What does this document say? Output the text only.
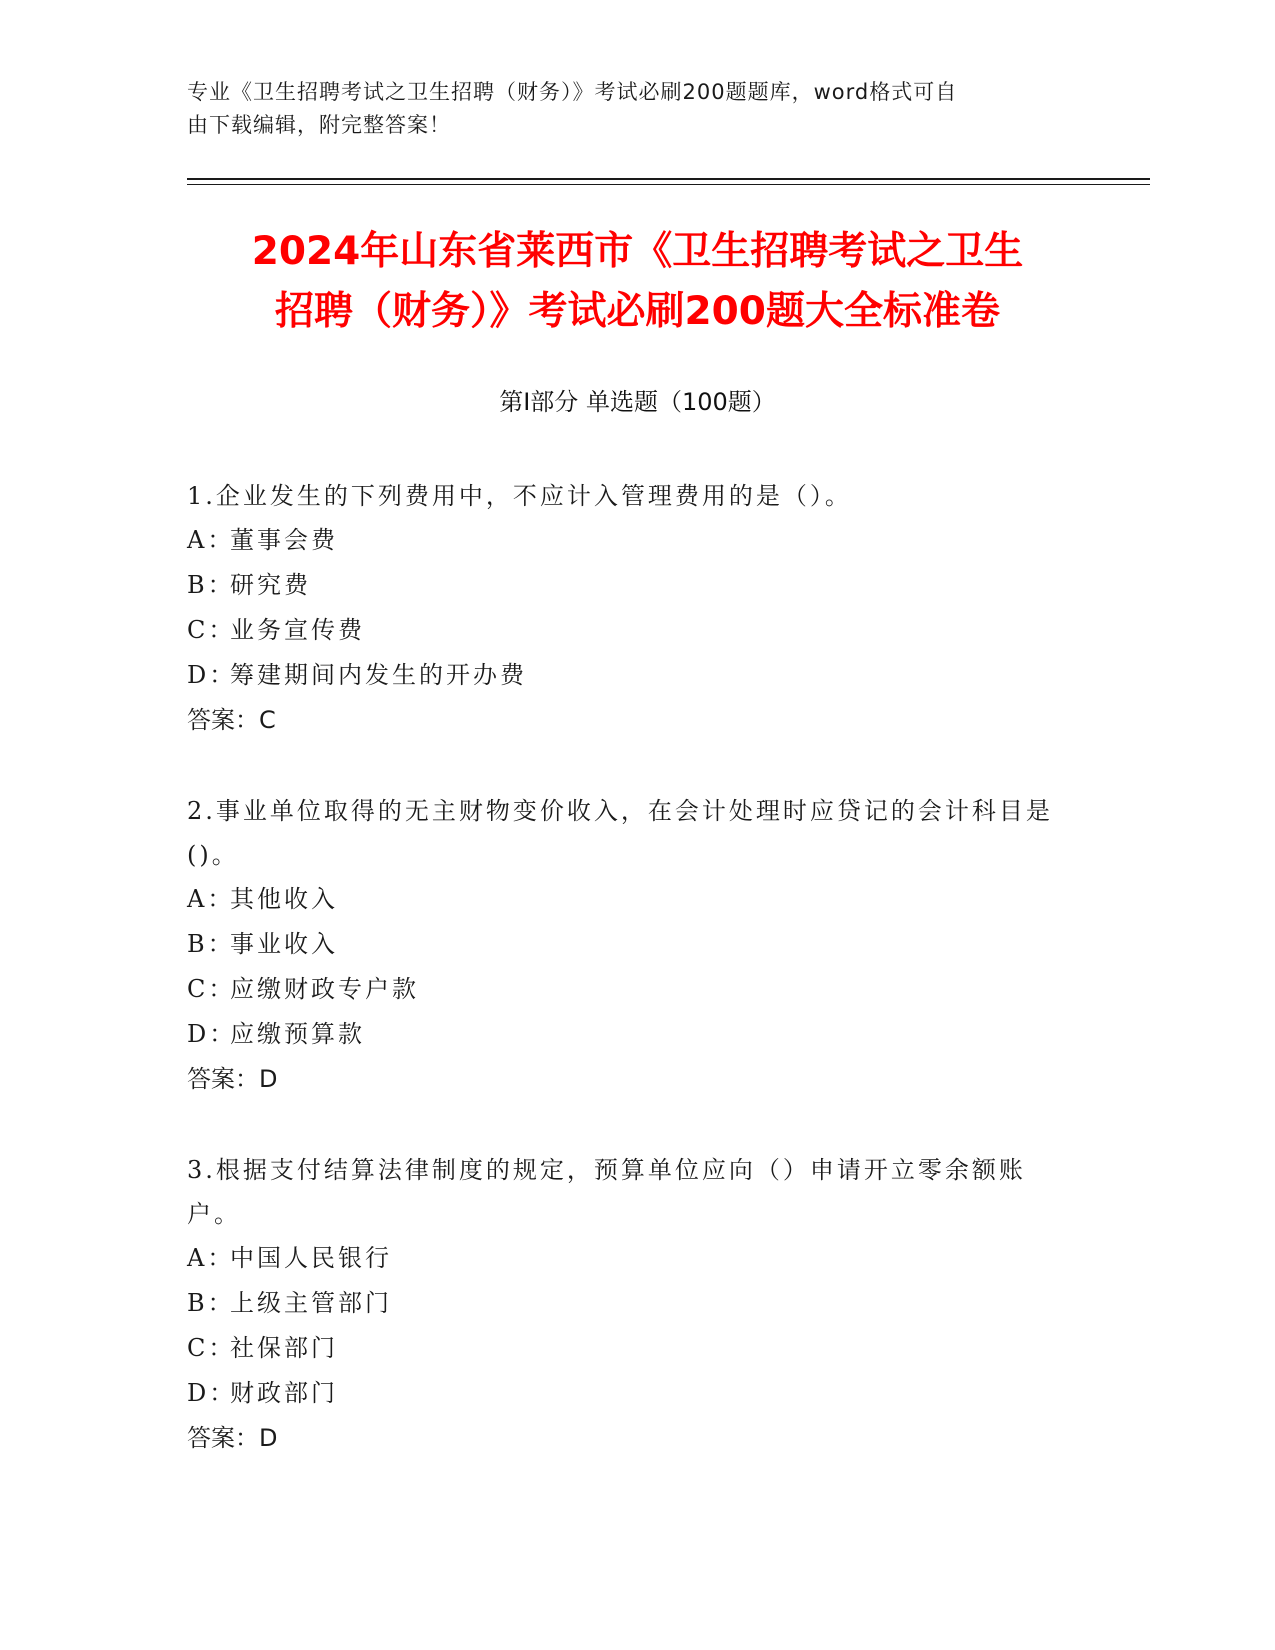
专业《卫生招聘考试之卫生招聘（财务）》考试必刷200题题库，word格式可自
由下载编辑，附完整答案！
2024年山东省莱西市《卫生招聘考试之卫生
招聘（财务）》考试必刷200题大全标准卷
第Ⅰ部分 单选题（100题）
1.企业发生的下列费用中，不应计入管理费用的是（）。
A：董事会费
B：研究费
C：业务宣传费
D：筹建期间内发生的开办费
答案：C
2.事业单位取得的无主财物变价收入，在会计处理时应贷记的会计科目是()。
A：其他收入
B：事业收入
C：应缴财政专户款
D：应缴预算款
答案：D
3.根据支付结算法律制度的规定，预算单位应向（）申请开立零余额账户。
A：中国人民银行
B：上级主管部门
C：社保部门
D：财政部门
答案：D
